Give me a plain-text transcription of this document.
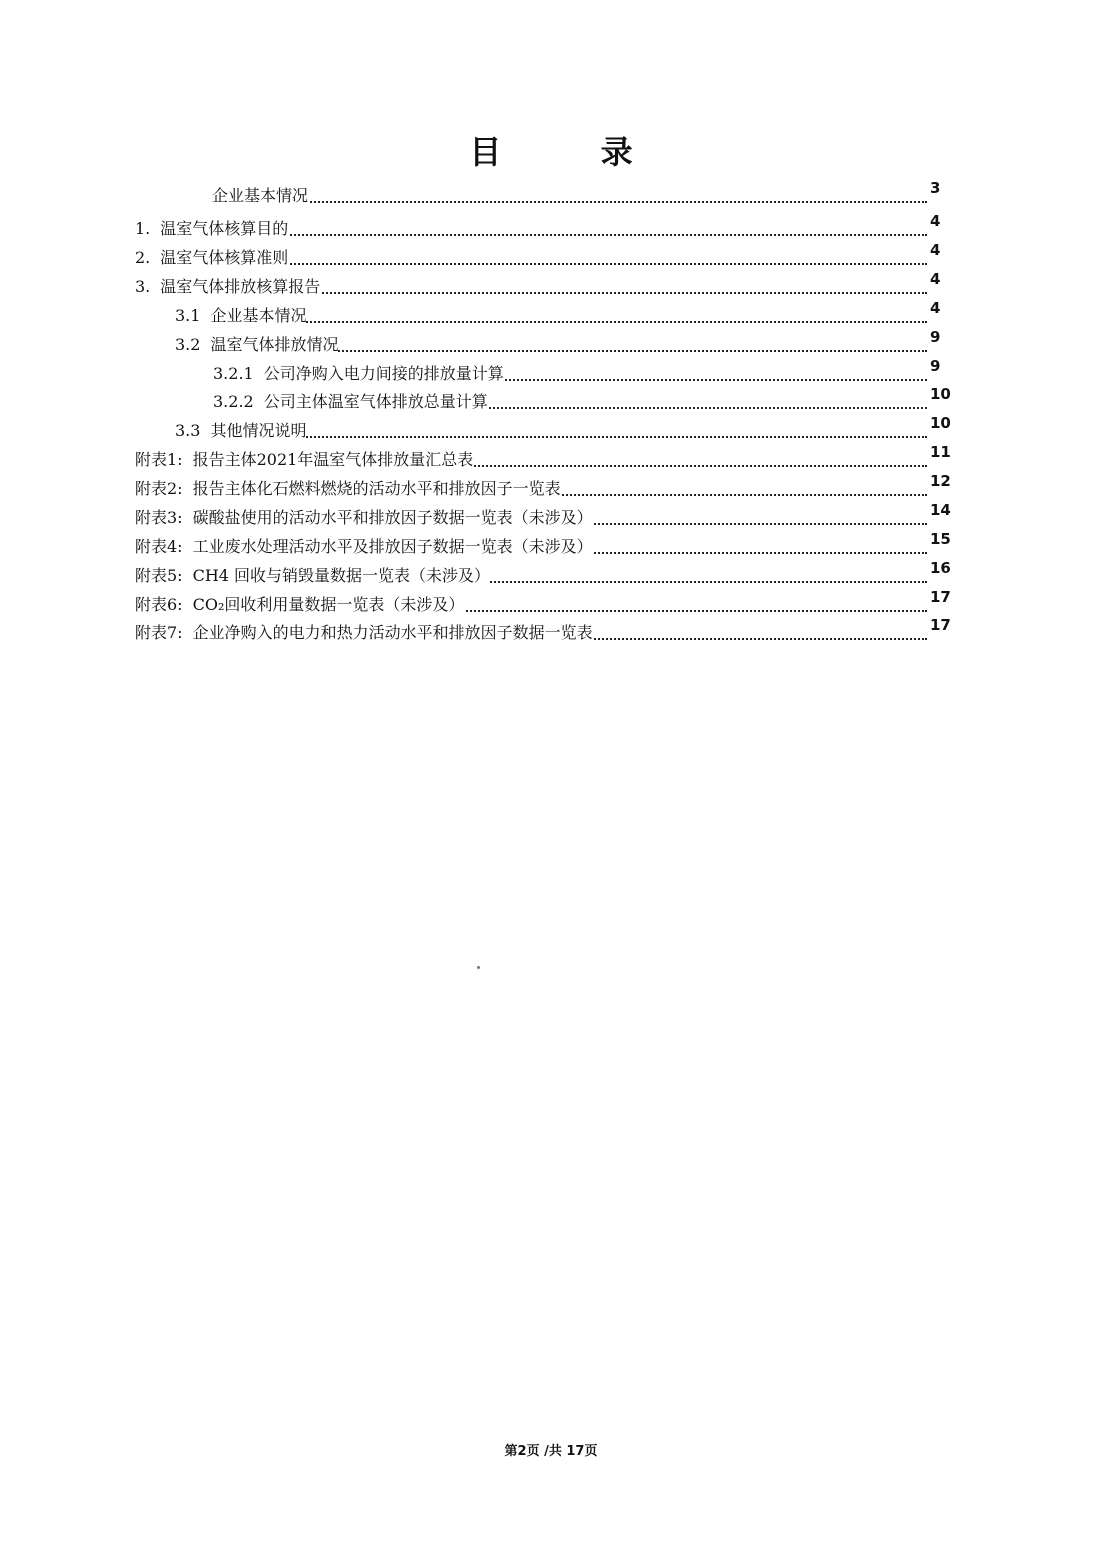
目 录
企业基本情况	3
1. 温室气体核算目的	4
2. 温室气体核算准则	4
3. 温室气体排放核算报告	4
3.1 企业基本情况	4
3.2 温室气体排放情况	9
3.2.1 公司净购入电力间接的排放量计算	9
3.2.2 公司主体温室气体排放总量计算	10
3.3 其他情况说明	10
附表1: 报告主体2021年温室气体排放量汇总表	11
附表2: 报告主体化石燃料燃烧的活动水平和排放因子一览表	12
附表3: 碳酸盐使用的活动水平和排放因子数据一览表（未涉及）	14
附表4: 工业废水处理活动水平及排放因子数据一览表（未涉及）	15
附表5: CH4 回收与销毁量数据一览表（未涉及）	16
附表6: CO₂回收利用量数据一览表（未涉及）	17
附表7: 企业净购入的电力和热力活动水平和排放因子数据一览表	17
第2页 /共 17页
